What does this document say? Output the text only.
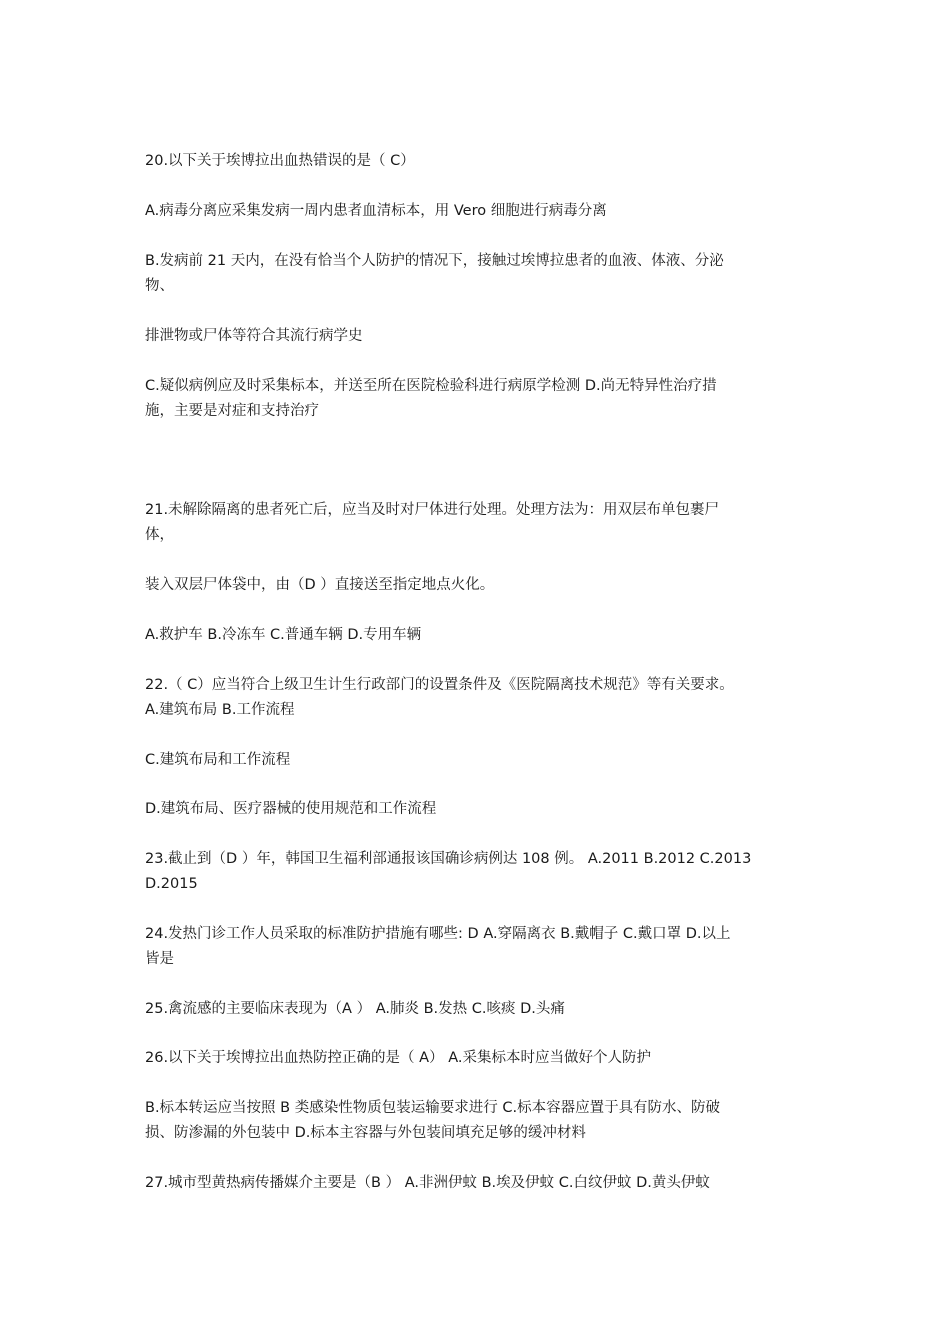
20.以下关于埃博拉出血热错误的是（ C）

A.病毒分离应采集发病一周内患者血清标本，用 Vero 细胞进行病毒分离

B.发病前 21 天内，在没有恰当个人防护的情况下，接触过埃博拉患者的血液、体液、分泌

物、

排泄物或尸体等符合其流行病学史

C.疑似病例应及时采集标本，并送至所在医院检验科进行病原学检测 D.尚无特异性治疗措

施，主要是对症和支持治疗

21.未解除隔离的患者死亡后，应当及时对尸体进行处理。处理方法为：用双层布单包裹尸

体，

装入双层尸体袋中，由（D ）直接送至指定地点火化。

A.救护车 B.冷冻车 C.普通车辆 D.专用车辆

22.（ C）应当符合上级卫生计生行政部门的设置条件及《医院隔离技术规范》等有关要求。

A.建筑布局 B.工作流程

C.建筑布局和工作流程

D.建筑布局、医疗器械的使用规范和工作流程

23.截止到（D ）年，韩国卫生福利部通报该国确诊病例达 108 例。 A.2011 B.2012 C.2013

D.2015

24.发热门诊工作人员采取的标准防护措施有哪些: D A.穿隔离衣 B.戴帽子 C.戴口罩 D.以上

皆是

25.禽流感的主要临床表现为（A ） A.肺炎 B.发热 C.咳痰 D.头痛

26.以下关于埃博拉出血热防控正确的是（ A） A.采集标本时应当做好个人防护

B.标本转运应当按照 B 类感染性物质包装运输要求进行 C.标本容器应置于具有防水、防破

损、防渗漏的外包装中 D.标本主容器与外包装间填充足够的缓冲材料

27.城市型黄热病传播媒介主要是（B ） A.非洲伊蚊 B.埃及伊蚊 C.白纹伊蚊 D.黄头伊蚊
